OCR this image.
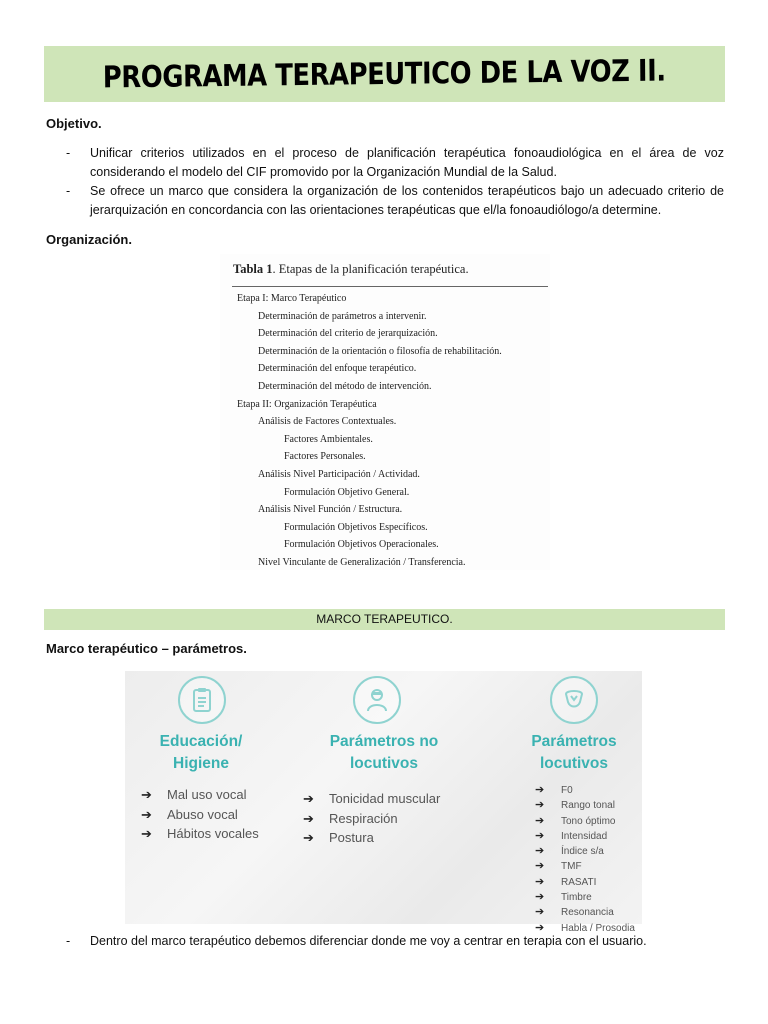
PROGRAMA TERAPEUTICO DE LA VOZ II.

Objetivo.

- Unificar criterios utilizados en el proceso de planificación terapéutica fonoaudiológica en el área de voz considerando el modelo del CIF promovido por la Organización Mundial de la Salud.
- Se ofrece un marco que considera la organización de los contenidos terapéuticos bajo un adecuado criterio de jerarquización en concordancia con las orientaciones terapéuticas que el/la fonoaudiólogo/a determine.

Organización.

Tabla 1. Etapas de la planificación terapéutica.
Etapa I: Marco Terapéutico
Determinación de parámetros a intervenir.
Determinación del criterio de jerarquización.
Determinación de la orientación o filosofía de rehabilitación.
Determinación del enfoque terapéutico.
Determinación del método de intervención.
Etapa II: Organización Terapéutica
Análisis de Factores Contextuales.
Factores Ambientales.
Factores Personales.
Análisis Nivel Participación / Actividad.
Formulación Objetivo General.
Análisis Nivel Función / Estructura.
Formulación Objetivos Específicos.
Formulación Objetivos Operacionales.
Nivel Vinculante de Generalización / Transferencia.
MARCO TERAPEUTICO.

Marco terapéutico – parámetros.

Educación/
Higiene
➔ Mal uso vocal
➔ Abuso vocal
➔ Hábitos vocales
Parámetros no
locutivos
➔ Tonicidad muscular
➔ Respiración
➔ Postura
Parámetros
locutivos
➔ F0
➔ Rango tonal
➔ Tono óptimo
➔ Intensidad
➔ Índice s/a
➔ TMF
➔ RASATI
➔ Timbre
➔ Resonancia
➔ Habla / Prosodia

- Dentro del marco terapéutico debemos diferenciar donde me voy a centrar en terapia con el usuario.
